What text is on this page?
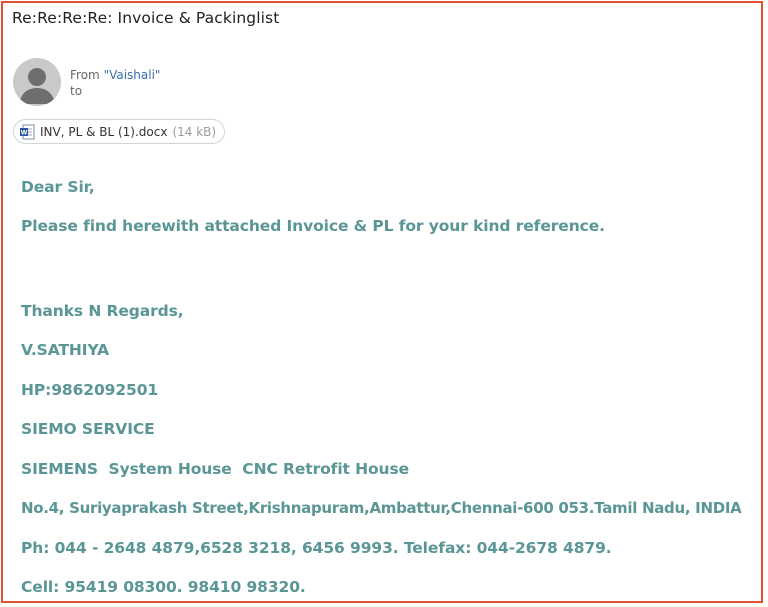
Re:Re:Re:Re: Invoice & Packinglist
From "Vaishali"
to
W INV, PL & BL (1).docx (14 kB)
Dear Sir,
Please find herewith attached Invoice & PL for your kind reference.
Thanks N Regards,
V.SATHIYA
HP:9862092501
SIEMO SERVICE
SIEMENS  System House  CNC Retrofit House
No.4, Suriyaprakash Street,Krishnapuram,Ambattur,Chennai-600 053.Tamil Nadu, INDIA
Ph: 044 - 2648 4879,6528 3218, 6456 9993. Telefax: 044-2678 4879.
Cell: 95419 08300. 98410 98320.
